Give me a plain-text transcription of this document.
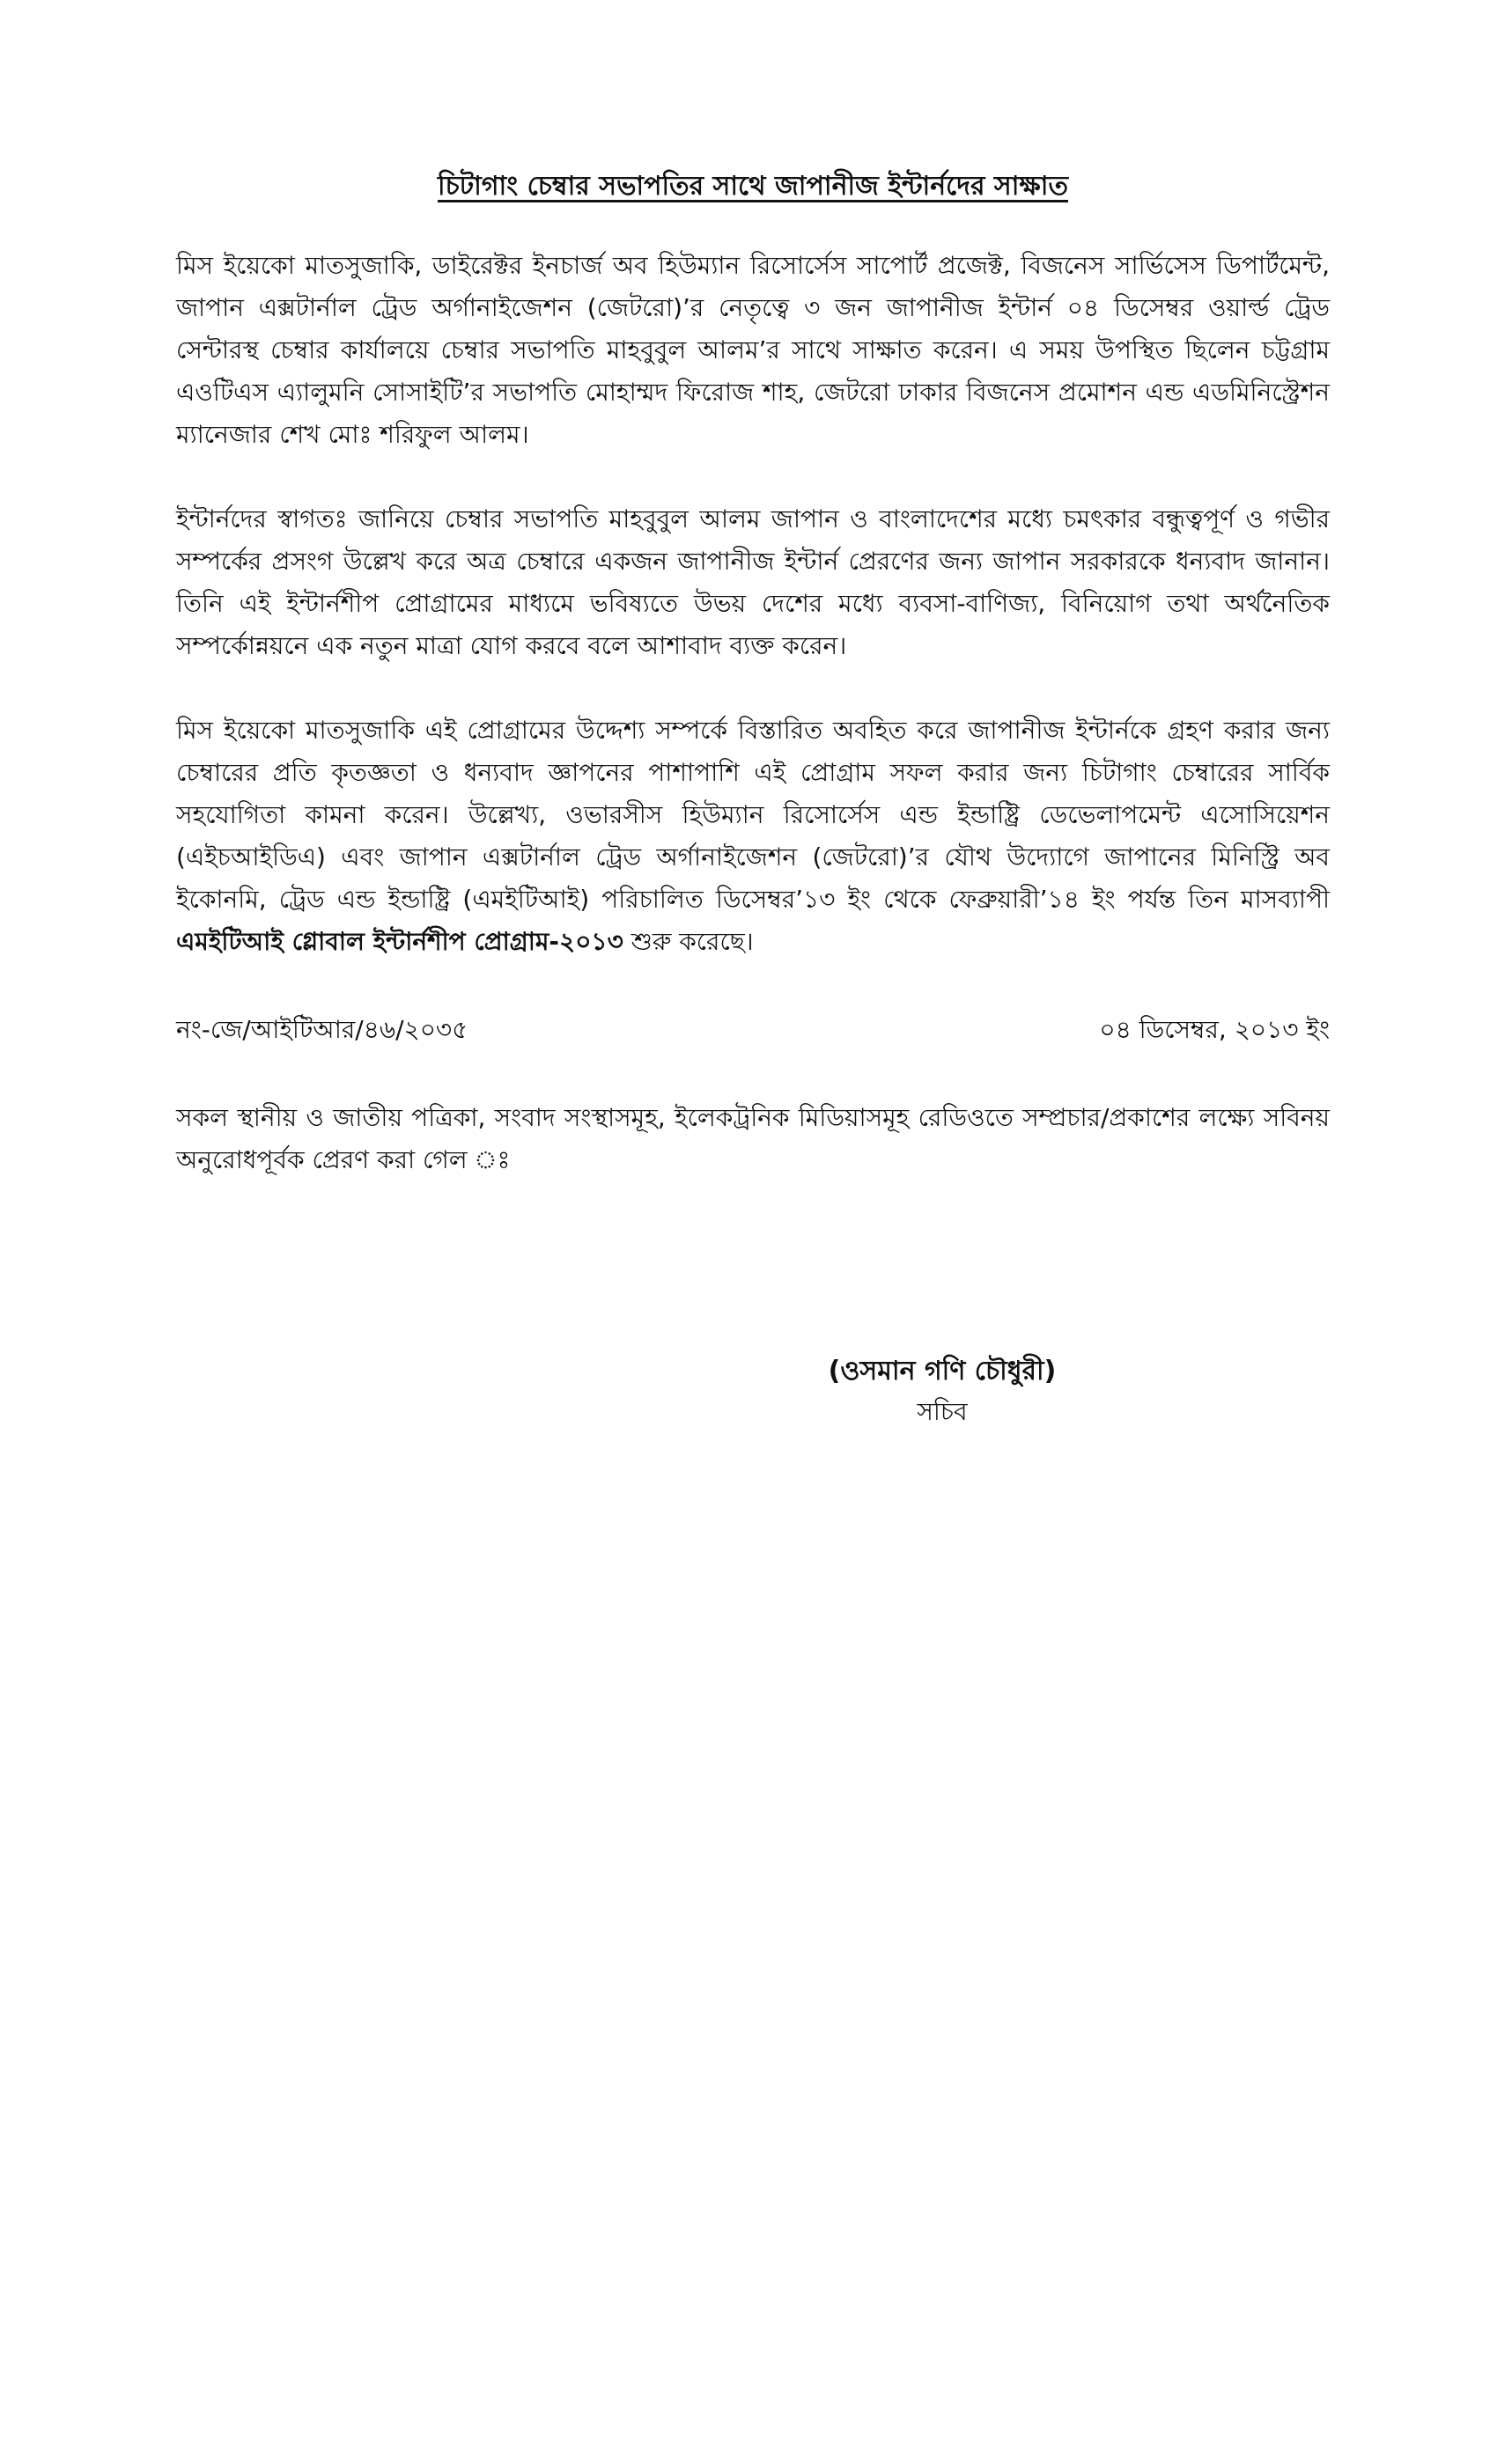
চিটাগাং চেম্বার সভাপতির সাথে জাপানীজ ইন্টার্নদের সাক্ষাত

মিস ইয়েকো মাতসুজাকি, ডাইরেক্টর ইনচার্জ অব হিউম্যান রিসোর্সেস সাপোর্ট প্রজেক্ট, বিজনেস সার্ভিসেস ডিপার্টমেন্ট, জাপান এক্সটার্নাল ট্রেড অর্গানাইজেশন (জেটরো)’র নেতৃত্বে ৩ জন জাপানীজ ইন্টার্ন ০৪ ডিসেম্বর ওয়ার্ল্ড ট্রেড সেন্টারস্থ চেম্বার কার্যালয়ে চেম্বার সভাপতি মাহবুবুল আলম’র সাথে সাক্ষাত করেন। এ সময় উপস্থিত ছিলেন চট্টগ্রাম এওটিএস এ্যালুমনি সোসাইটি’র সভাপতি মোহাম্মদ ফিরোজ শাহ, জেটরো ঢাকার বিজনেস প্রমোশন এন্ড এডমিনিস্ট্রেশন ম্যানেজার শেখ মোঃ শরিফুল আলম।

ইন্টার্নদের স্বাগতঃ জানিয়ে চেম্বার সভাপতি মাহবুবুল আলম জাপান ও বাংলাদেশের মধ্যে চমৎকার বন্ধুত্বপূর্ণ ও গভীর সম্পর্কের প্রসংগ উল্লেখ করে অত্র চেম্বারে একজন জাপানীজ ইন্টার্ন প্রেরণের জন্য জাপান সরকারকে ধন্যবাদ জানান। তিনি এই ইন্টার্নশীপ প্রোগ্রামের মাধ্যমে ভবিষ্যতে উভয় দেশের মধ্যে ব্যবসা-বাণিজ্য, বিনিয়োগ তথা অর্থনৈতিক সম্পর্কোন্নয়নে এক নতুন মাত্রা যোগ করবে বলে আশাবাদ ব্যক্ত করেন।

মিস ইয়েকো মাতসুজাকি এই প্রোগ্রামের উদ্দেশ্য সম্পর্কে বিস্তারিত অবহিত করে জাপানীজ ইন্টার্নকে গ্রহণ করার জন্য চেম্বারের প্রতি কৃতজ্ঞতা ও ধন্যবাদ জ্ঞাপনের পাশাপাশি এই প্রোগ্রাম সফল করার জন্য চিটাগাং চেম্বারের সার্বিক সহযোগিতা কামনা করেন। উল্লেখ্য, ওভারসীস হিউম্যান রিসোর্সেস এন্ড ইন্ডাষ্ট্রি ডেভেলাপমেন্ট এসোসিয়েশন (এইচআইডিএ) এবং জাপান এক্সটার্নাল ট্রেড অর্গানাইজেশন (জেটরো)’র যৌথ উদ্যোগে জাপানের মিনিস্ট্রি অব ইকোনমি, ট্রেড এন্ড ইন্ডাষ্ট্রি (এমইটিআই) পরিচালিত ডিসেম্বর’১৩ ইং থেকে ফেব্রুয়ারী’১৪ ইং পর্যন্ত তিন মাসব্যাপী এমইটিআই গ্লোবাল ইন্টার্নশীপ প্রোগ্রাম-২০১৩ শুরু করেছে।

নং-জে/আইটিআর/৪৬/২০৩৫	০৪ ডিসেম্বর, ২০১৩ ইং

সকল স্থানীয় ও জাতীয় পত্রিকা, সংবাদ সংস্থাসমূহ, ইলেকট্রনিক মিডিয়াসমূহ রেডিওতে সম্প্রচার/প্রকাশের লক্ষ্যে সবিনয় অনুরোধপূর্বক প্রেরণ করা গেল ঃ

(ওসমান গণি চৌধুরী)
সচিব
